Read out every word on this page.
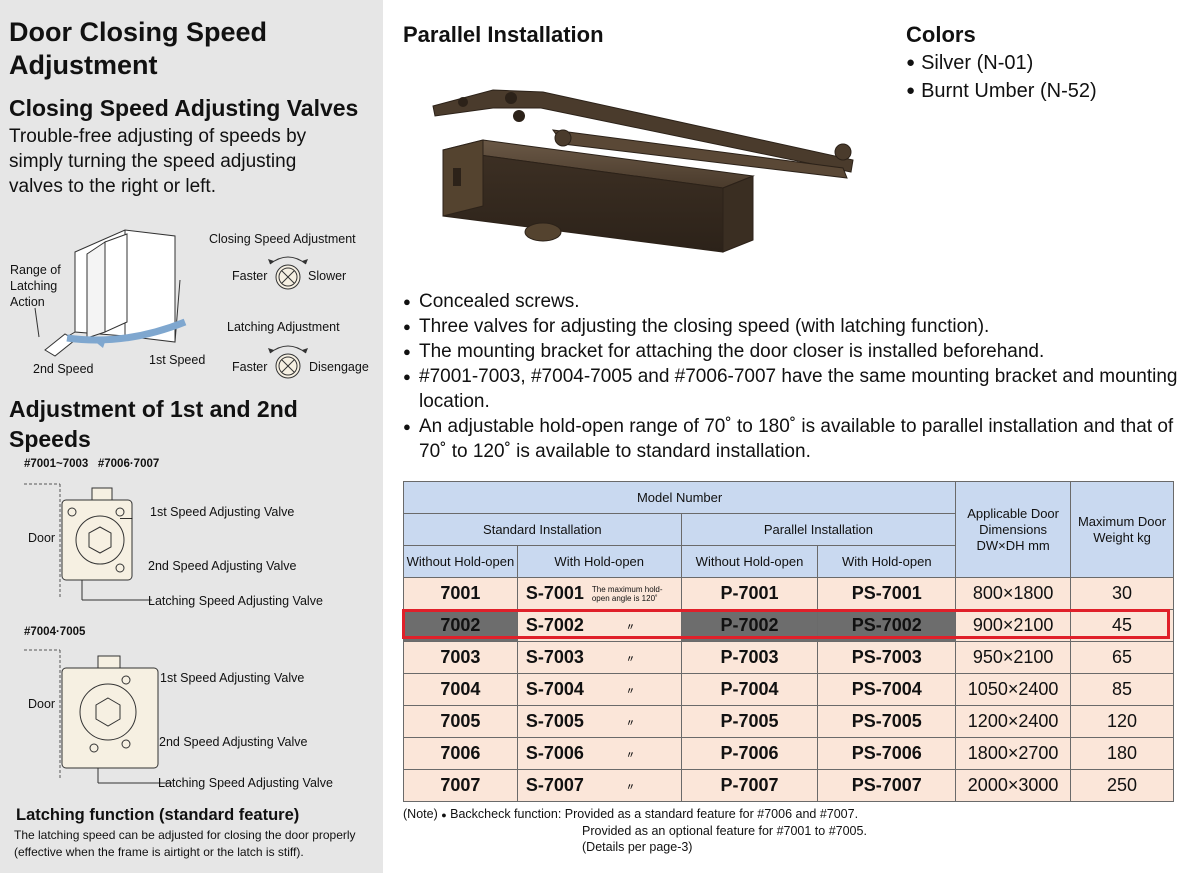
Door Closing Speed Adjustment
Closing Speed Adjusting Valves
Trouble-free adjusting of speeds by simply turning the speed adjusting valves to the right or left.
Range of Latching Action
2nd Speed
1st Speed
Closing Speed Adjustment
Faster	Slower
Latching Adjustment
Faster	Disengage
Adjustment of 1st and 2nd Speeds
#7001~7003   #7006·7007
— 1st Speed Adjusting Valve
Door
2nd Speed Adjusting Valve
Latching Speed Adjusting Valve
#7004·7005
1st Speed Adjusting Valve
Door
2nd Speed Adjusting Valve
Latching Speed Adjusting Valve
Latching function (standard feature)
The latching speed can be adjusted for closing the door properly (effective when the frame is airtight or the latch is stiff).
Parallel Installation	Colors
● Silver (N-01)
● Burnt Umber (N-52)
● Concealed screws.
● Three valves for adjusting the closing speed (with latching function).
● The mounting bracket for attaching the door closer is installed beforehand.
● #7001-7003, #7004-7005 and #7006-7007 have the same mounting bracket and mounting location.
● An adjustable hold-open range of 70˚ to 180˚ is available to parallel installation and that of 70˚ to 120˚ is available to standard installation.
Model Number				Applicable Door Dimensions DW×DH mm	Maximum Door Weight kg
Standard Installation		Parallel Installation			
Without Hold-open	With Hold-open	Without Hold-open	With Hold-open		
7001	S-7001 The maximum hold-open angle is 120˚	P-7001	PS-7001	800×1800	30
7002	S-7002 〃	P-7002	PS-7002	900×2100	45
7003	S-7003 〃	P-7003	PS-7003	950×2100	65
7004	S-7004 〃	P-7004	PS-7004	1050×2400	85
7005	S-7005 〃	P-7005	PS-7005	1200×2400	120
7006	S-7006 〃	P-7006	PS-7006	1800×2700	180
7007	S-7007 〃	P-7007	PS-7007	2000×3000	250
(Note) ● Backcheck function: Provided as a standard feature for #7006 and #7007.
Provided as an optional feature for #7001 to #7005.
(Details per page-3)
